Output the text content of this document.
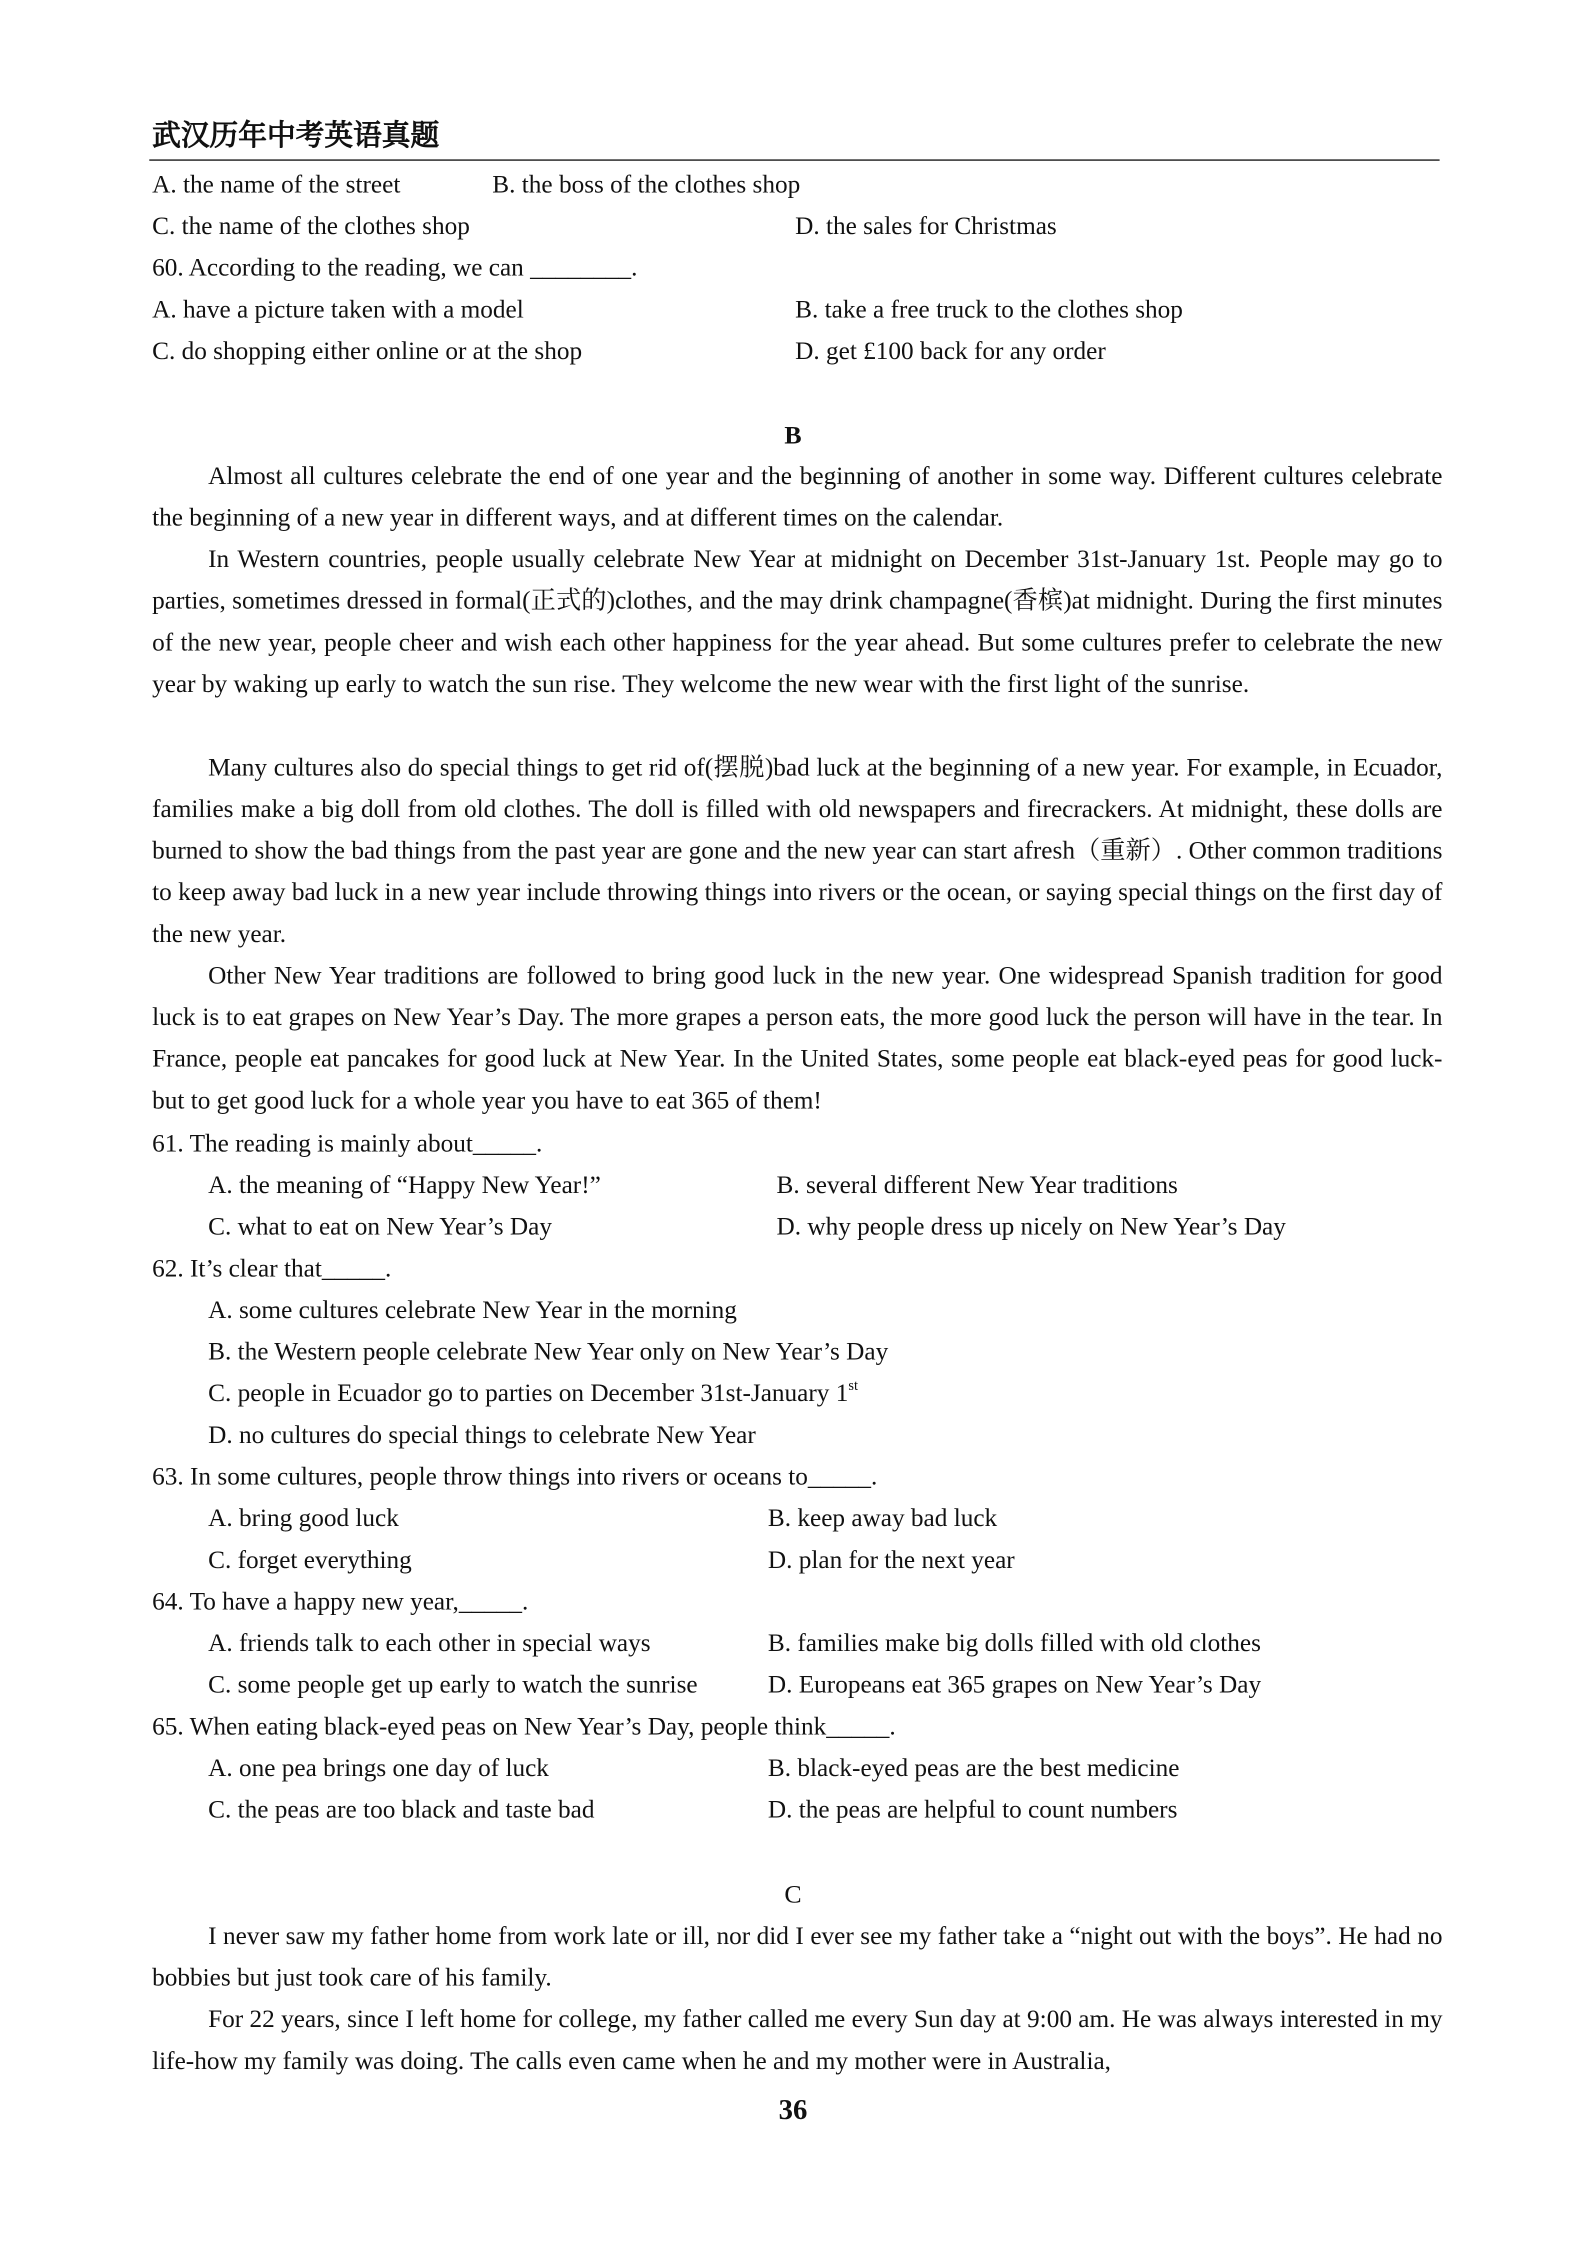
武汉历年中考英语真题
A. the name of the street	B. the boss of the clothes shop
C. the name of the clothes shop	D. the sales for Christmas
60. According to the reading, we can ________.
A. have a picture taken with a model	B. take a free truck to the clothes shop
C. do shopping either online or at the shop	D. get £100 back for any order
B
Almost all cultures celebrate the end of one year and the beginning of another in some way. Different cultures celebrate the beginning of a new year in different ways, and at different times on the calendar.
In Western countries, people usually celebrate New Year at midnight on December 31st-January 1st. People may go to parties, sometimes dressed in formal(正式的)clothes, and the may drink champagne(香槟)at midnight. During the first minutes of the new year, people cheer and wish each other happiness for the year ahead. But some cultures prefer to celebrate the new year by waking up early to watch the sun rise. They welcome the new wear with the first light of the sunrise.
Many cultures also do special things to get rid of(摆脱)bad luck at the beginning of a new year. For example, in Ecuador, families make a big doll from old clothes. The doll is filled with old newspapers and firecrackers. At midnight, these dolls are burned to show the bad things from the past year are gone and the new year can start afresh（重新）. Other common traditions to keep away bad luck in a new year include throwing things into rivers or the ocean, or saying special things on the first day of the new year.
Other New Year traditions are followed to bring good luck in the new year. One widespread Spanish tradition for good luck is to eat grapes on New Year’s Day. The more grapes a person eats, the more good luck the person will have in the tear. In France, people eat pancakes for good luck at New Year. In the United States, some people eat black-eyed peas for good luck-but to get good luck for a whole year you have to eat 365 of them!
61. The reading is mainly about_____.
A. the meaning of “Happy New Year!”	B. several different New Year traditions
C. what to eat on New Year’s Day	D. why people dress up nicely on New Year’s Day
62. It’s clear that_____.
A. some cultures celebrate New Year in the morning
B. the Western people celebrate New Year only on New Year’s Day
C. people in Ecuador go to parties on December 31st-January 1st
D. no cultures do special things to celebrate New Year
63. In some cultures, people throw things into rivers or oceans to_____.
A. bring good luck	B. keep away bad luck
C. forget everything	D. plan for the next year
64. To have a happy new year,_____.
A. friends talk to each other in special ways	B. families make big dolls filled with old clothes
C. some people get up early to watch the sunrise	D. Europeans eat 365 grapes on New Year’s Day
65. When eating black-eyed peas on New Year’s Day, people think_____.
A. one pea brings one day of luck	B. black-eyed peas are the best medicine
C. the peas are too black and taste bad	D. the peas are helpful to count numbers
C
I never saw my father home from work late or ill, nor did I ever see my father take a “night out with the boys”. He had no bobbies but just took care of his family.
For 22 years, since I left home for college, my father called me every Sun day at 9:00 am. He was always interested in my life-how my family was doing. The calls even came when he and my mother were in Australia,
36
